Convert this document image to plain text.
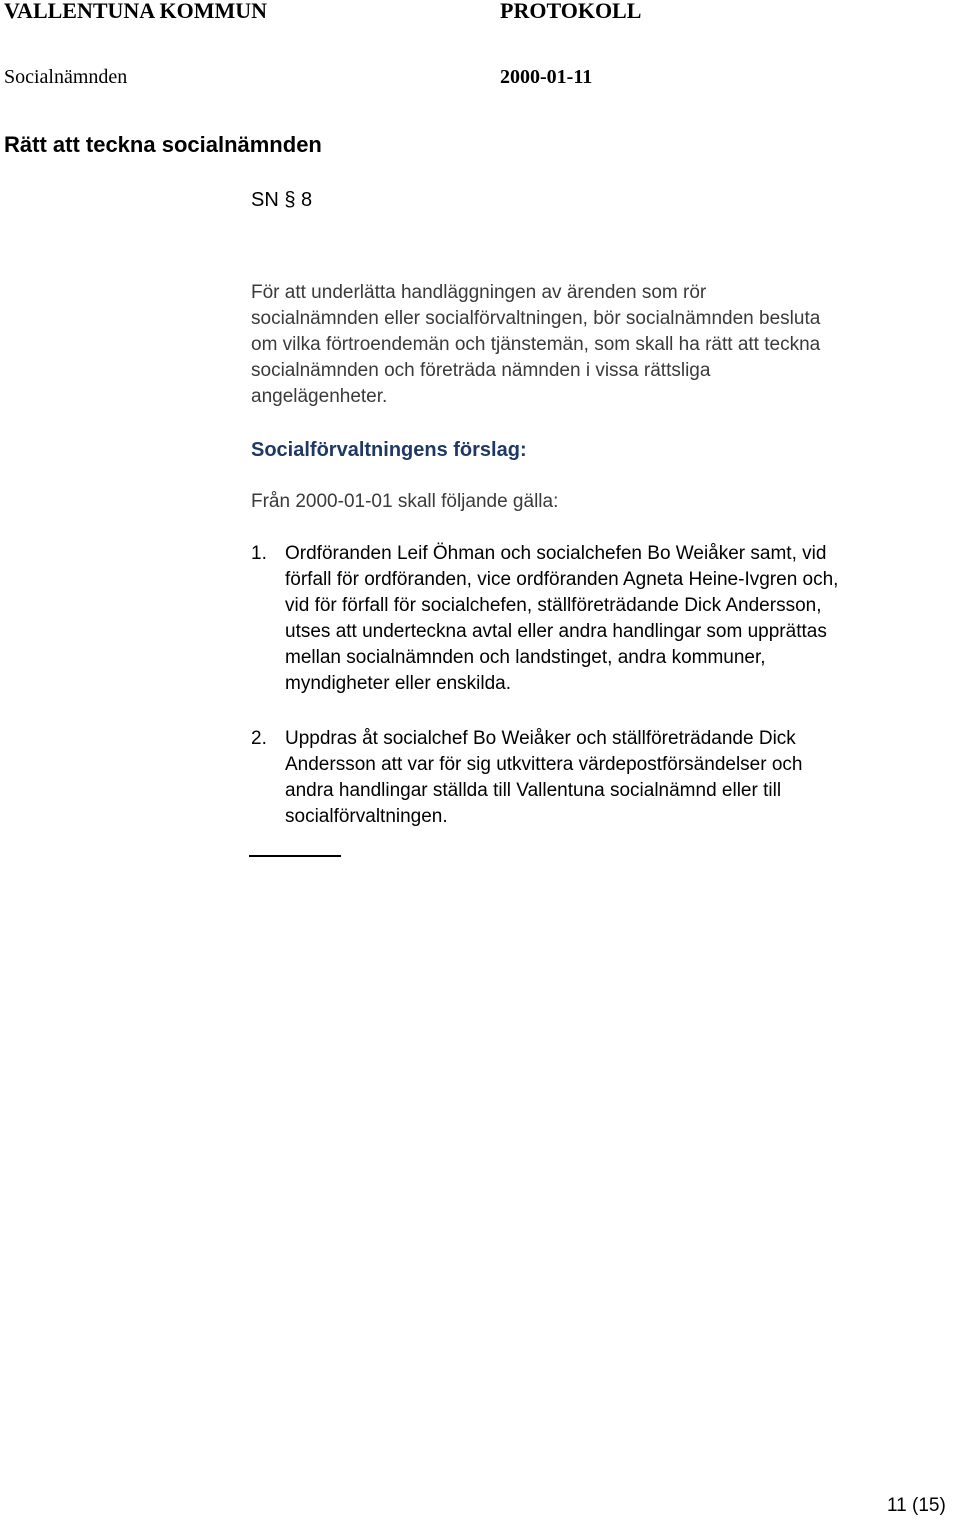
VALLENTUNA KOMMUN	PROTOKOLL
Socialnämnden	2000-01-11
Rätt att teckna socialnämnden
SN § 8
För att underlätta handläggningen av ärenden som rör
socialnämnden eller socialförvaltningen, bör socialnämnden besluta
om vilka förtroendemän och tjänstemän, som skall ha rätt att teckna
socialnämnden och företräda nämnden i vissa rättsliga
angelägenheter.
Socialförvaltningens förslag:
Från 2000-01-01 skall följande gälla:
1. Ordföranden Leif Öhman och socialchefen Bo Weiåker samt, vid
förfall för ordföranden, vice ordföranden Agneta Heine-Ivgren och,
vid för förfall för socialchefen, ställföreträdande Dick Andersson,
utses att underteckna avtal eller andra handlingar som upprättas
mellan socialnämnden och landstinget, andra kommuner,
myndigheter eller enskilda.
2. Uppdras åt socialchef Bo Weiåker och ställföreträdande Dick
Andersson att var för sig utkvittera värdepostförsändelser och
andra handlingar ställda till Vallentuna socialnämnd eller till
socialförvaltningen.
11 (15)
